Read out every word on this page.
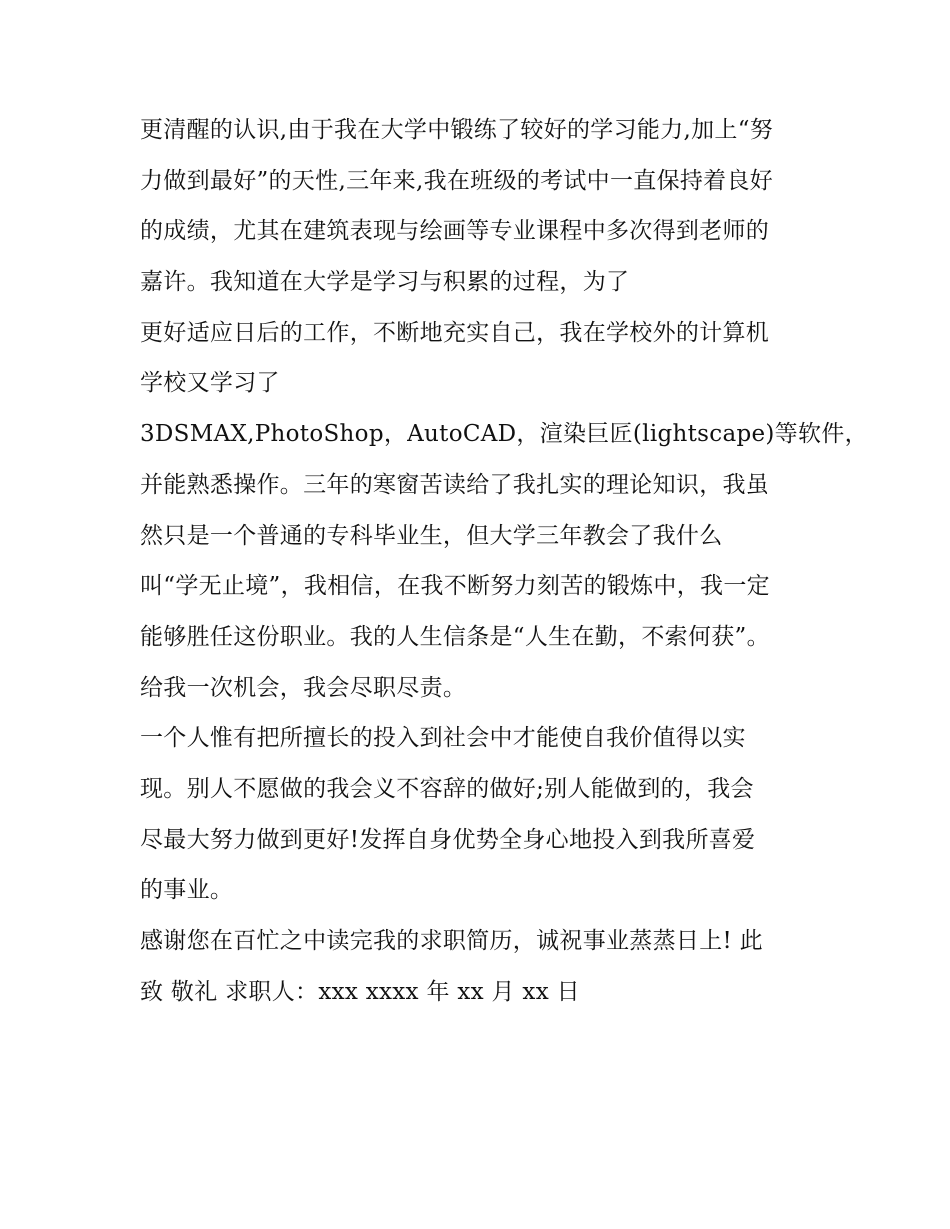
更清醒的认识,由于我在大学中锻练了较好的学习能力,加上“努
力做到最好”的天性,三年来,我在班级的考试中一直保持着良好
的成绩，尤其在建筑表现与绘画等专业课程中多次得到老师的
嘉许。我知道在大学是学习与积累的过程，为了
更好适应日后的工作，不断地充实自己，我在学校外的计算机
学校又学习了
3DSMAX,PhotoShop，AutoCAD，渲染巨匠(lightscape)等软件，
并能熟悉操作。三年的寒窗苦读给了我扎实的理论知识，我虽
然只是一个普通的专科毕业生，但大学三年教会了我什么
叫“学无止境”，我相信，在我不断努力刻苦的锻炼中，我一定
能够胜任这份职业。我的人生信条是“人生在勤，不索何获”。
给我一次机会，我会尽职尽责。
一个人惟有把所擅长的投入到社会中才能使自我价值得以实
现。别人不愿做的我会义不容辞的做好;别人能做到的，我会
尽最大努力做到更好!发挥自身优势全身心地投入到我所喜爱
的事业。
感谢您在百忙之中读完我的求职简历，诚祝事业蒸蒸日上! 此
致 敬礼 求职人：xxx xxxx 年 xx 月 xx 日
